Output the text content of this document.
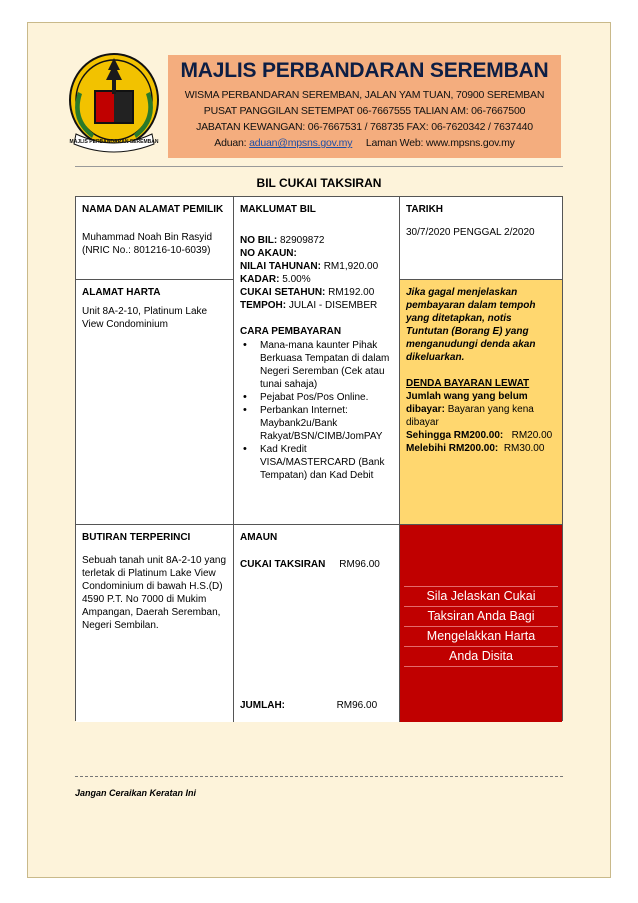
MAJLIS PERBANDARAN SEREMBAN
MAJLIS PERBANDARAN SEREMBAN
WISMA PERBANDARAN SEREMBAN, JALAN YAM TUAN, 70900 SEREMBAN
PUSAT PANGGILAN SETEMPAT 06-7667555 TALIAN AM: 06-7667500
JABATAN KEWANGAN: 06-7667531 / 768735 FAX: 06-7620342 / 7637440
Aduan: aduan@mpsns.gov.my Laman Web: www.mpsns.gov.my
BIL CUKAI TAKSIRAN
NAMA DAN ALAMAT PEMILIK
Muhammad Noah Bin Rasyid
(NRIC No.: 801216-10-6039)
ALAMAT HARTA
Unit 8A-2-10, Platinum Lake View Condominium
BUTIRAN TERPERINCI
Sebuah tanah unit 8A-2-10 yang terletak di Platinum Lake View Condominium di bawah H.S.(D) 4590 P.T. No 7000 di Mukim Ampangan, Daerah Seremban, Negeri Sembilan.
MAKLUMAT BIL
NO BIL: 82909872
NO AKAUN:
NILAI TAHUNAN: RM1,920.00
KADAR: 5.00%
CUKAI SETAHUN: RM192.00
TEMPOH: JULAI - DISEMBER
CARA PEMBAYARAN
• Mana-mana kaunter Pihak Berkuasa Tempatan di dalam Negeri Seremban (Cek atau tunai sahaja)
• Pejabat Pos/Pos Online.
• Perbankan Internet: Maybank2u/Bank Rakyat/BSN/CIMB/JomPAY
• Kad Kredit VISA/MASTERCARD (Bank Tempatan) dan Kad Debit
AMAUN
CUKAI TAKSIRAN RM96.00
JUMLAH:	RM96.00
TARIKH
30/7/2020 PENGGAL 2/2020
Jika gagal menjelaskan pembayaran dalam tempoh yang ditetapkan, notis Tuntutan (Borang E) yang menganudungi denda akan dikeluarkan.
DENDA BAYARAN LEWAT
Jumlah wang yang belum dibayar: Bayaran yang kena dibayar
Sehingga RM200.00: RM20.00
Melebihi RM200.00: RM30.00
Sila Jelaskan Cukai
Taksiran Anda Bagi
Mengelakkan Harta
Anda Disita
Jangan Ceraikan Keratan Ini
